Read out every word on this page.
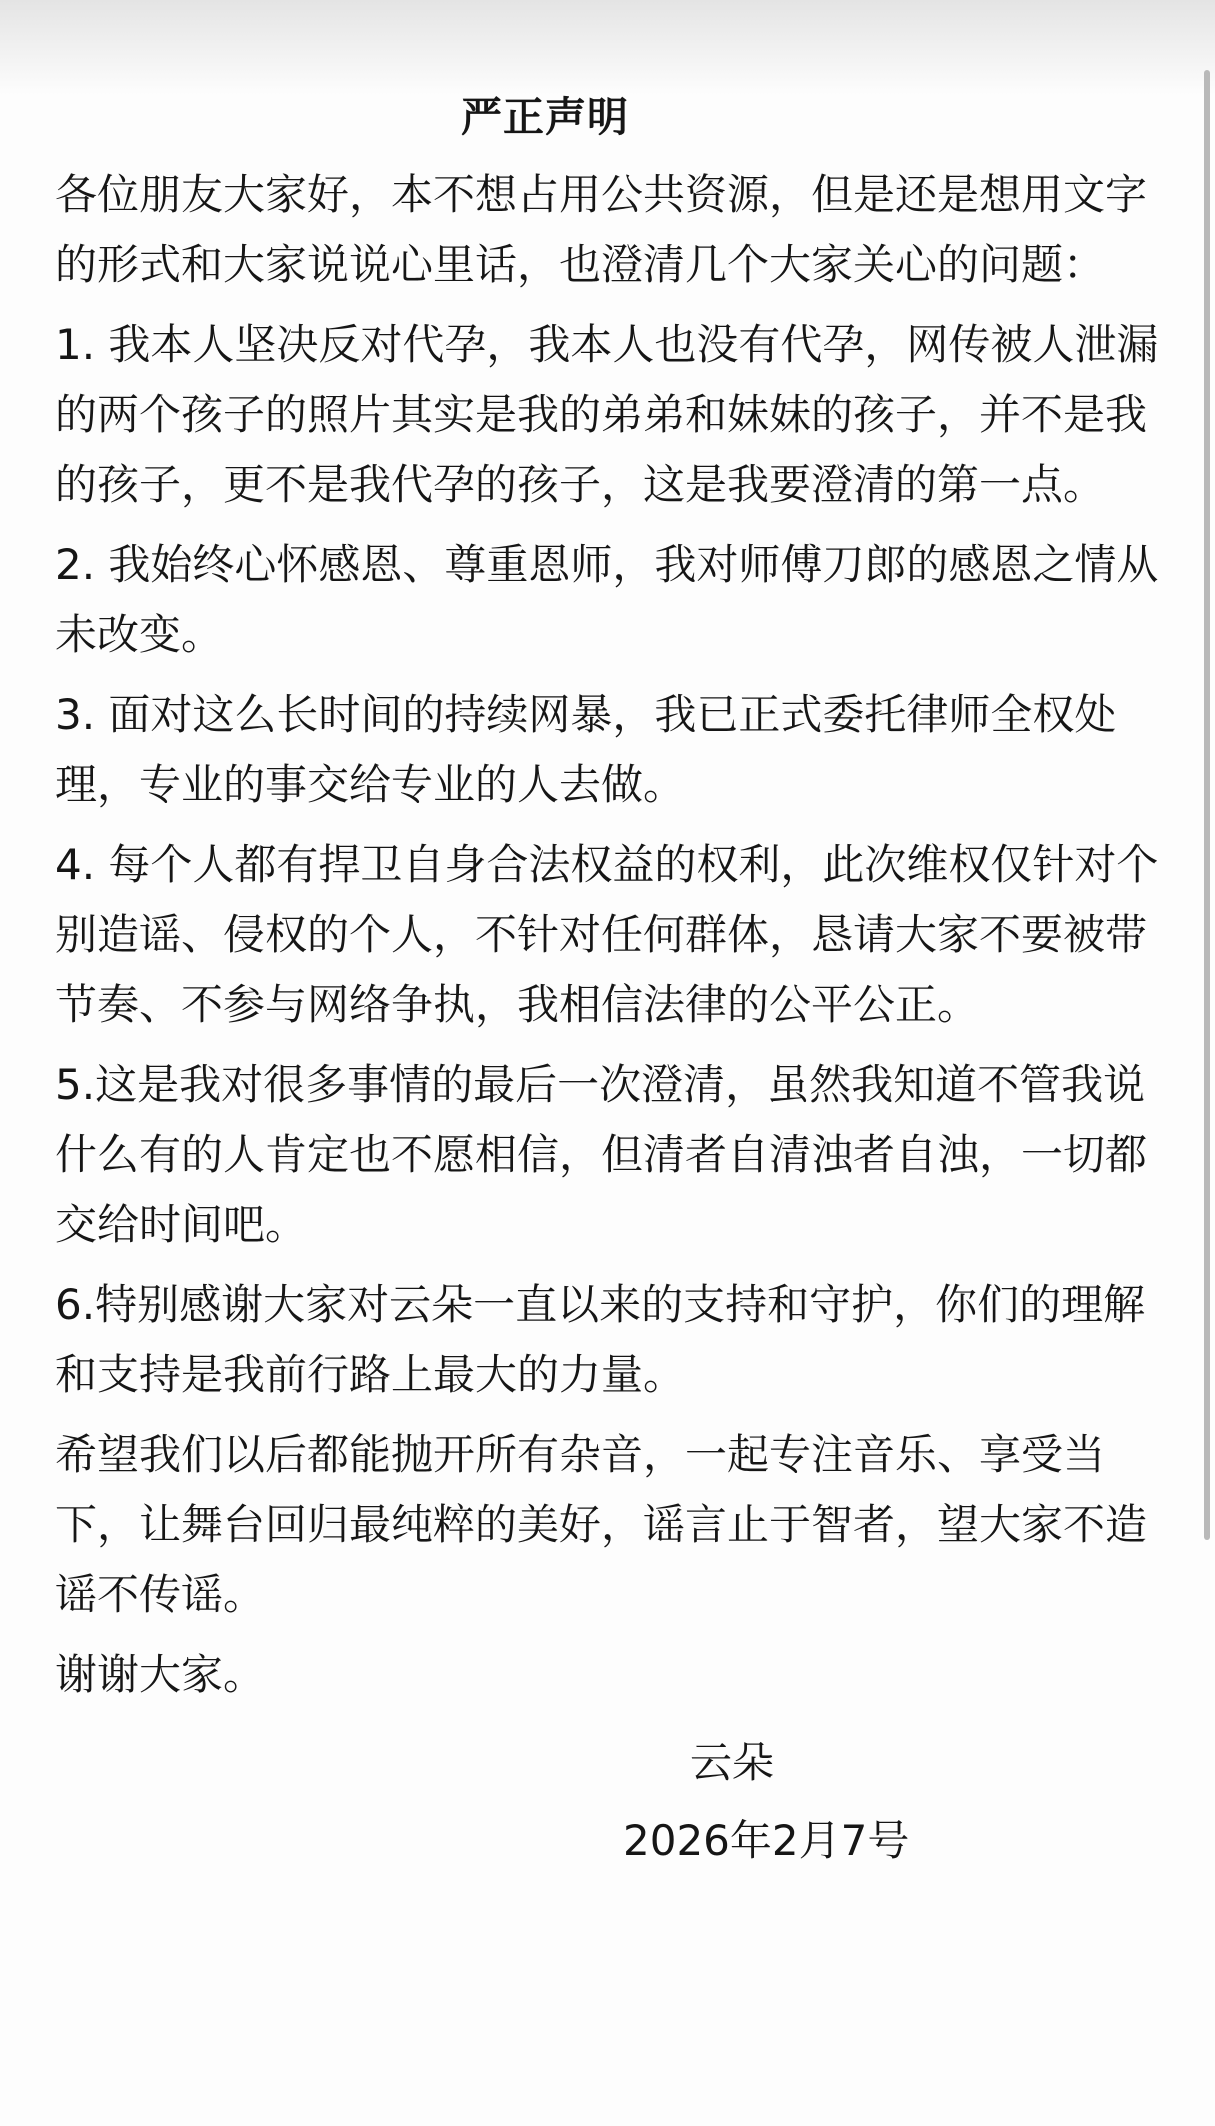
严正声明

各位朋友大家好，本不想占用公共资源，但是还是想用文字的形式和大家说说心里话，也澄清几个大家关心的问题：

1. 我本人坚决反对代孕，我本人也没有代孕，网传被人泄漏的两个孩子的照片其实是我的弟弟和妹妹的孩子，并不是我的孩子，更不是我代孕的孩子，这是我要澄清的第一点。

2. 我始终心怀感恩、尊重恩师，我对师傅刀郎的感恩之情从未改变。

3. 面对这么长时间的持续网暴，我已正式委托律师全权处理，专业的事交给专业的人去做。

4. 每个人都有捍卫自身合法权益的权利，此次维权仅针对个别造谣、侵权的个人，不针对任何群体，恳请大家不要被带节奏、不参与网络争执，我相信法律的公平公正。

5.这是我对很多事情的最后一次澄清，虽然我知道不管我说什么有的人肯定也不愿相信，但清者自清浊者自浊，一切都交给时间吧。

6.特别感谢大家对云朵一直以来的支持和守护，你们的理解和支持是我前行路上最大的力量。

希望我们以后都能抛开所有杂音，一起专注音乐、享受当下，让舞台回归最纯粹的美好，谣言止于智者，望大家不造谣不传谣。

谢谢大家。

云朵

2026年2月7号
